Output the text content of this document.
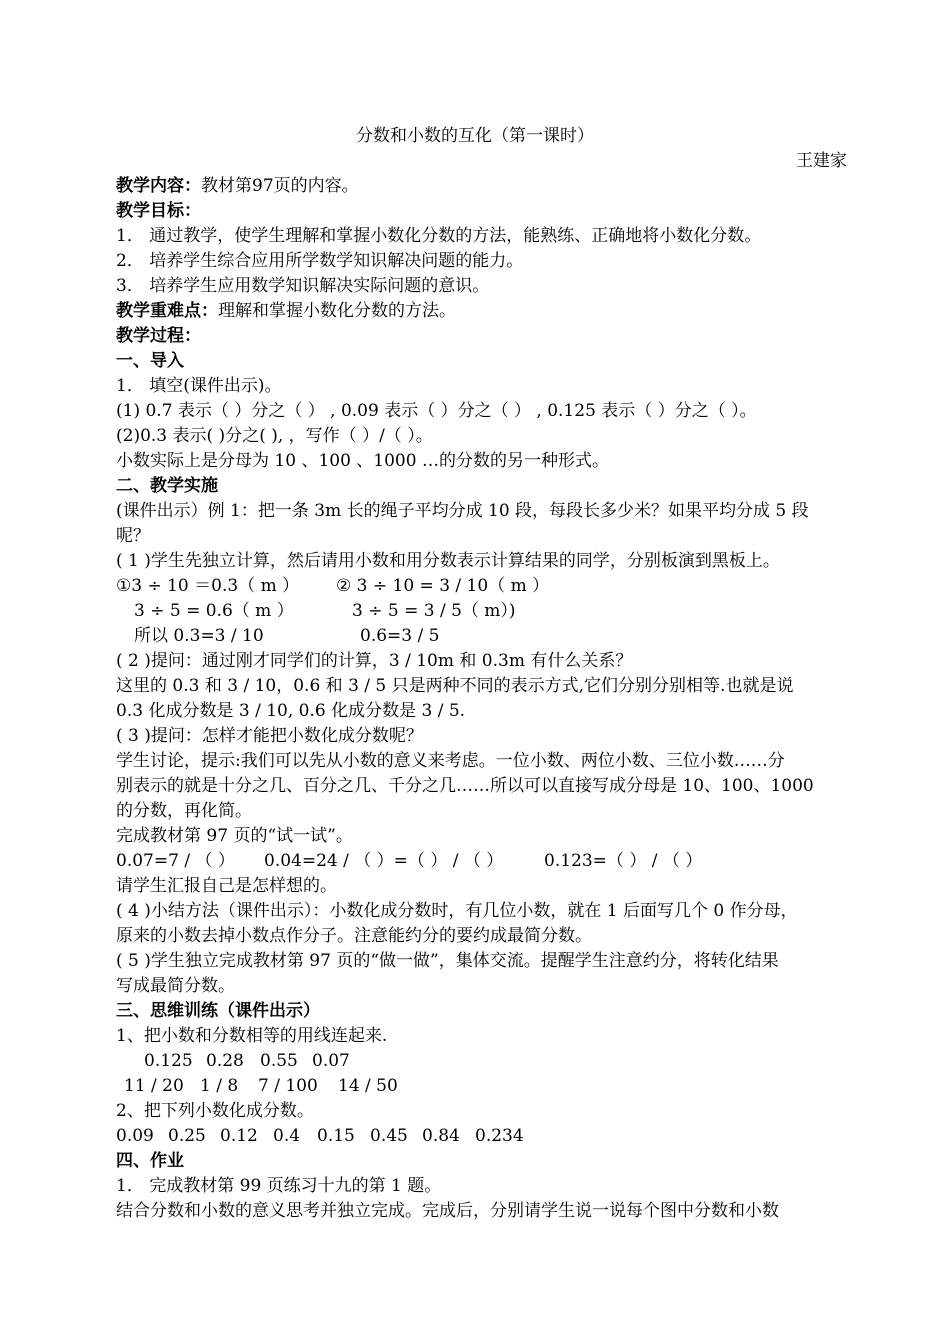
分数和小数的互化（第一课时）
王建家
教学内容：教材第97页的内容。
教学目标：
1． 通过教学，使学生理解和掌握小数化分数的方法，能熟练、正确地将小数化分数。
2． 培养学生综合应用所学数学知识解决问题的能力。
3． 培养学生应用数学知识解决实际问题的意识。
教学重难点：理解和掌握小数化分数的方法。
教学过程：
一、导入
1． 填空(课件出示)。
(1) 0.7 表示（ ）分之（ ） , 0.09 表示（ ）分之（ ） , 0.125 表示（ ）分之（ ）。
(2)0.3 表示( )分之( ), ，写作（ ）/（ ）。
小数实际上是分母为 10 、100 、1000 …的分数的另一种形式。
二、教学实施
(课件出示）例 1：把一条 3m 长的绳子平均分成 10 段，每段长多少米？如果平均分成 5 段
呢？
( 1 )学生先独立计算，然后请用小数和用分数表示计算结果的同学，分别板演到黑板上。
①3 ÷ 10 ＝0.3（ m ） ② 3 ÷ 10 = 3 / 10（ m ）
3 ÷ 5 = 0.6（ m ）	3 ÷ 5 = 3 / 5（ m）)
所以 0.3=3 / 10	0.6=3 / 5
( 2 )提问：通过刚才同学们的计算，3 / 10m 和 0.3m 有什么关系？
这里的 0.3 和 3 / 10，0.6 和 3 / 5 只是两种不同的表示方式,它们分别分别相等.也就是说
0.3 化成分数是 3 / 10, 0.6 化成分数是 3 / 5.
( 3 )提问：怎样才能把小数化成分数呢？
学生讨论，提示:我们可以先从小数的意义来考虑。一位小数、两位小数、三位小数……分
别表示的就是十分之几、百分之几、千分之几……所以可以直接写成分母是 10、100、1000
的分数，再化简。
完成教材第 97 页的“试一试”。
0.07=7 / （ ） 0.04=24 / （ ）=（ ） / （ ） 0.123=（ ） / （ ）
请学生汇报自己是怎样想的。
( 4 )小结方法（课件出示）：小数化成分数时，有几位小数，就在 1 后面写几个 0 作分母，
原来的小数去掉小数点作分子。注意能约分的要约成最简分数。
( 5 )学生独立完成教材第 97 页的“做一做”，集体交流。提醒学生注意约分，将转化结果
写成最简分数。
三、思维训练（课件出示）
1、把小数和分数相等的用线连起来.
0.125 0.28 0.55 0.07
11 / 20 1 / 8 7 / 100 14 / 50
2、把下列小数化成分数。
0.09 0.25 0.12 0.4 0.15 0.45 0.84 0.234
四、作业
1． 完成教材第 99 页练习十九的第 1 题。
结合分数和小数的意义思考并独立完成。完成后，分别请学生说一说每个图中分数和小数
